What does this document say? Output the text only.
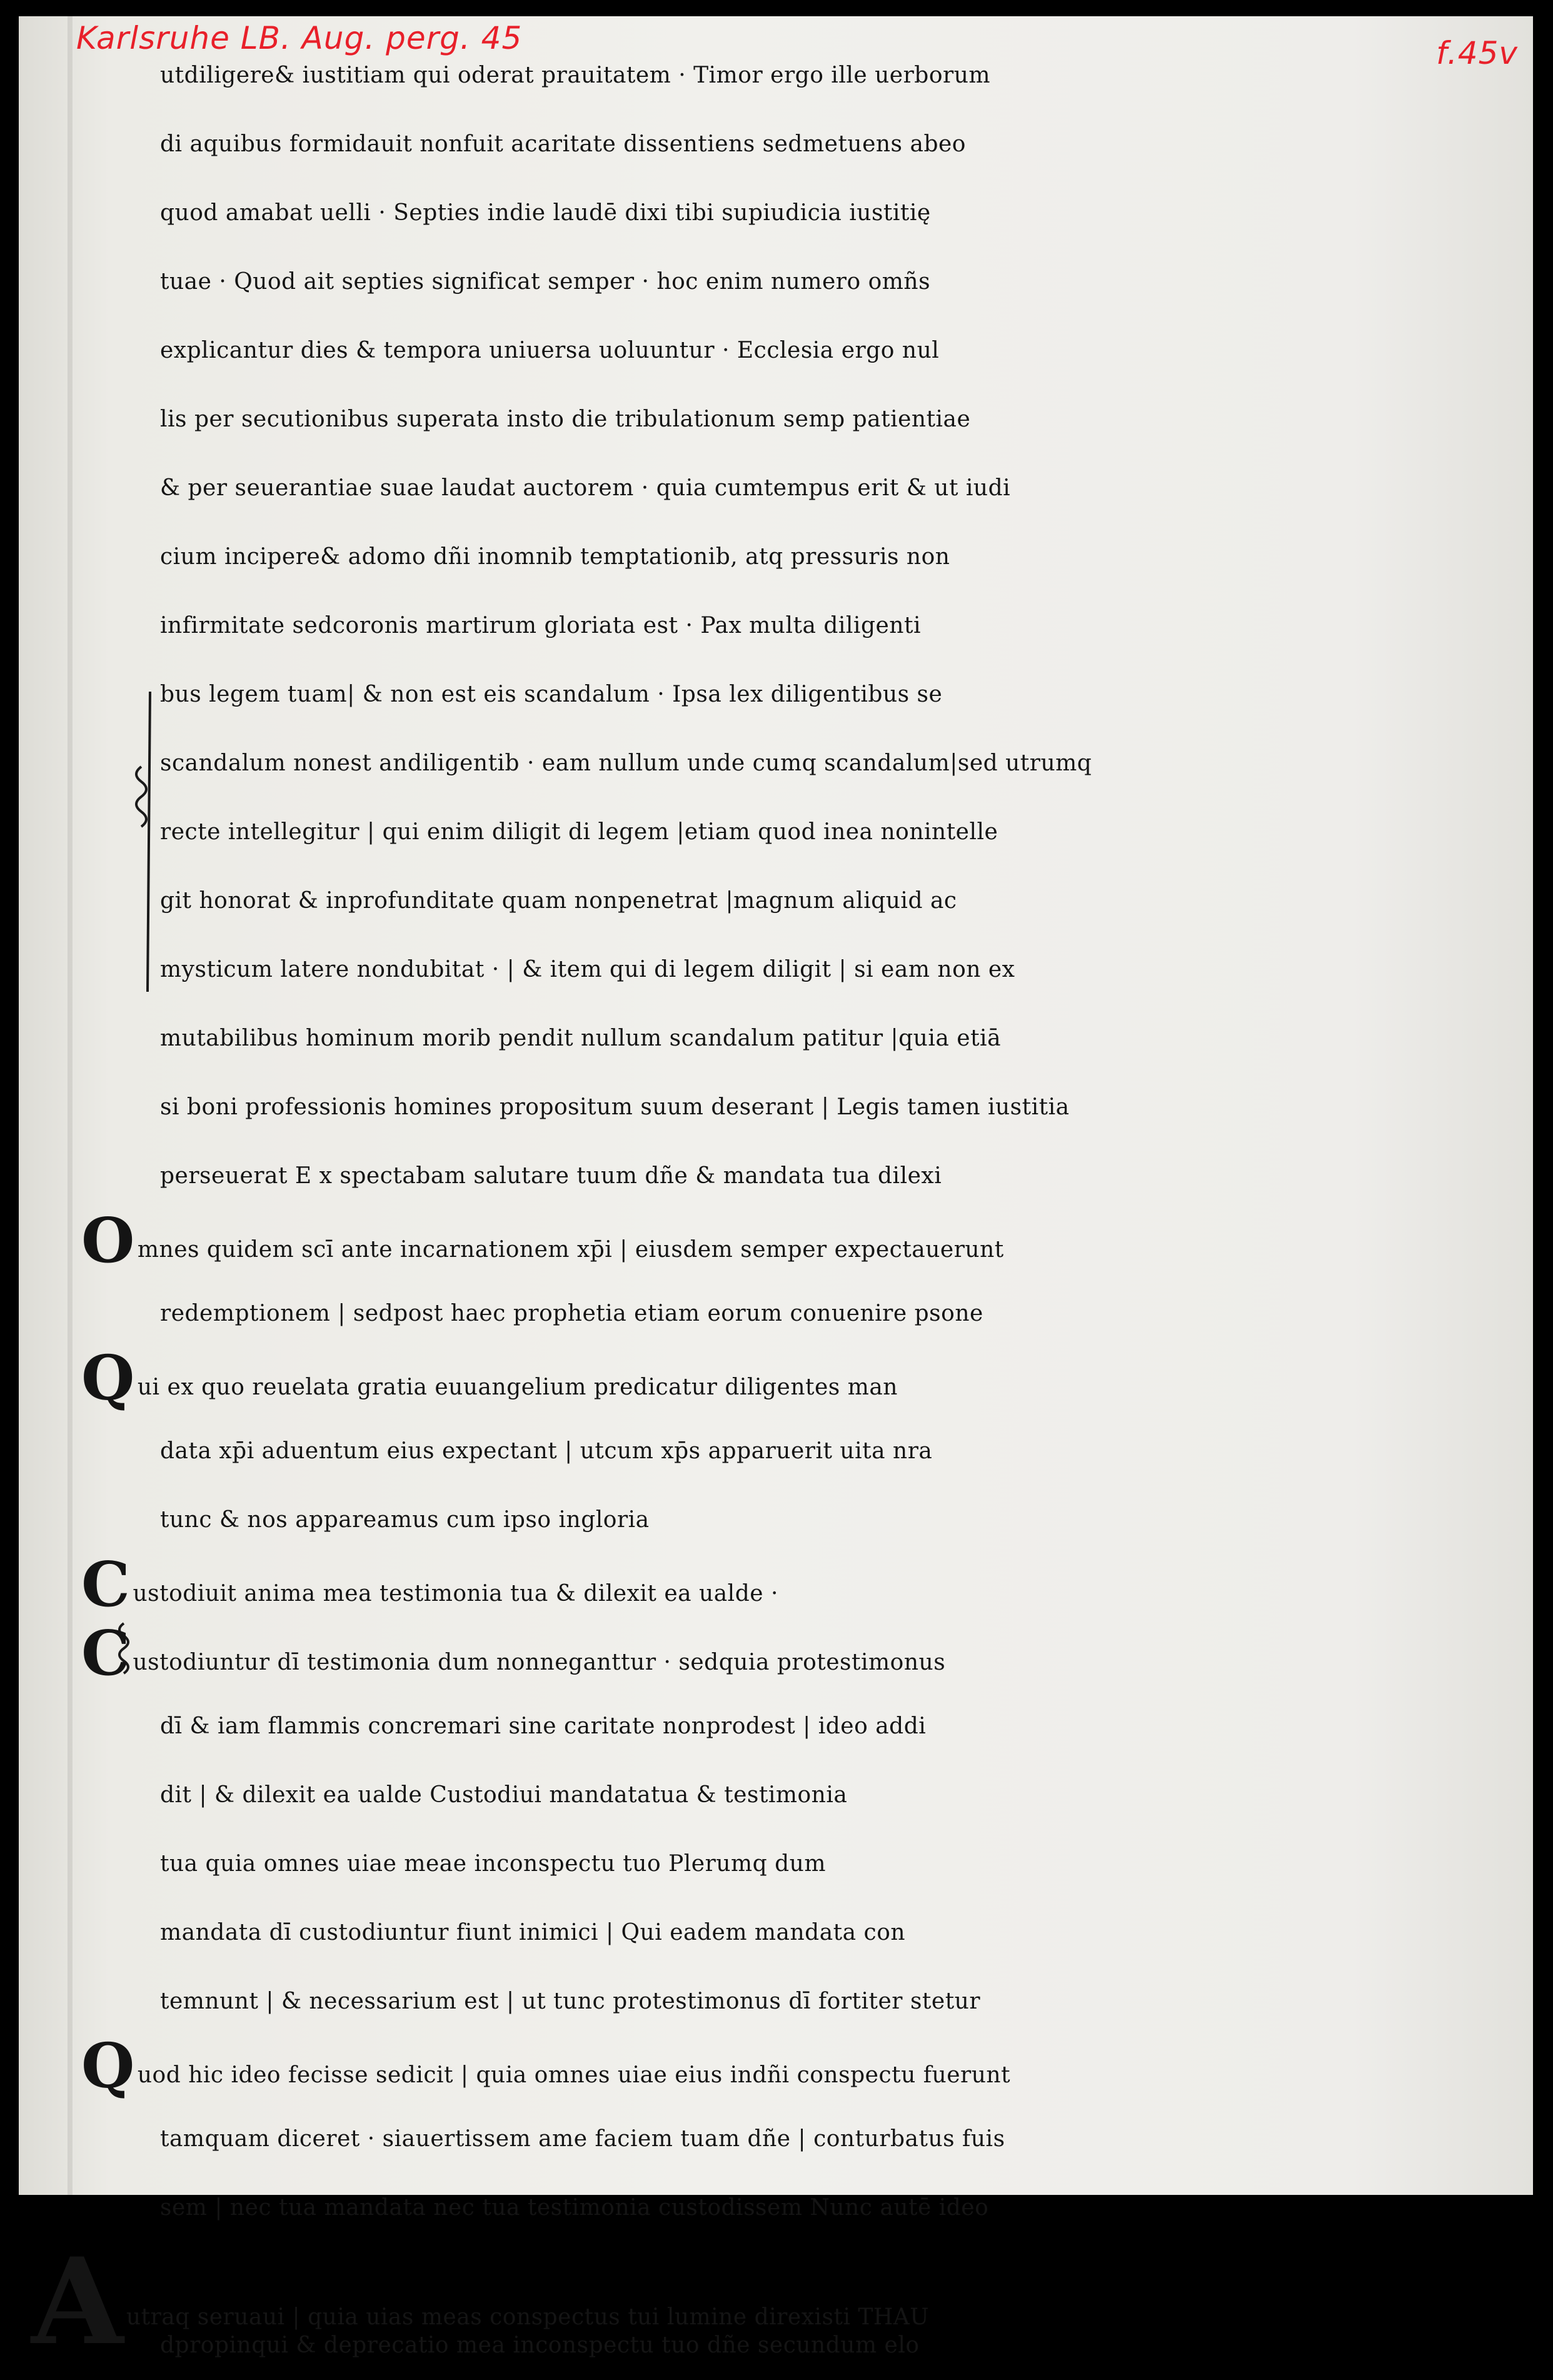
Karlsruhe LB. Aug. perg. 45	f.45v
utdiligere& iustitiam qui oderat prauitatem · Timor ergo ille uerborum
di aquibus formidauit nonfuit acaritate dissentiens sedmetuens abeo
quod amabat uelli · Septies indie laudē dixi tibi supiudicia iustitię
tuae · Quod ait septies significat semper · hoc enim numero omñs
explicantur dies & tempora uniuersa uoluuntur · Ecclesia ergo nul
lis per secutionibus superata insto die tribulationum semp patientiae
& per seuerantiae suae laudat auctorem · quia cumtempus erit & ut iudi
cium incipere& adomo dñi inomnib temptationib, atq pressuris non
infirmitate sedcoronis martirum gloriata est · Pax multa diligenti
bus legem tuam| & non est eis scandalum · Ipsa lex diligentibus se
scandalum nonest andiligentib · eam nullum unde cumq scandalum|sed utrumq
recte intellegitur | qui enim diligit di legem |etiam quod inea nonintelle
git honorat & inprofunditate quam nonpenetrat |magnum aliquid ac
mysticum latere nondubitat · | & item qui di legem diligit | si eam non ex
mutabilibus hominum morib pendit nullum scandalum patitur |quia etiā
si boni professionis homines propositum suum deserant | Legis tamen iustitia
perseuerat E x spectabam salutare tuum dñe & mandata tua dilexi
Omnes quidem scī ante incarnationem xp̄i | eiusdem semper expectauerunt
redemptionem | sedpost haec prophetia etiam eorum conuenire psone
Qui ex quo reuelata gratia euuangelium predicatur diligentes man
data xp̄i aduentum eius expectant | utcum xp̄s apparuerit uita nra
tunc & nos appareamus cum ipso ingloria
Custodiuit anima mea testimonia tua & dilexit ea ualde ·
Custodiuntur dī testimonia dum nonneganttur · sedquia protestimonus
dī & iam flammis concremari sine caritate nonprodest | ideo addi
dit | & dilexit ea ualde Custodiui mandatatua & testimonia
tua quia omnes uiae meae inconspectu tuo Plerumq dum
mandata dī custodiuntur fiunt inimici | Qui eadem mandata con
temnunt | & necessarium est | ut tunc protestimonus dī fortiter stetur
Quod hic ideo fecisse sedicit | quia omnes uiae eius indñi conspectu fuerunt
tamquam diceret · siauertissem ame faciem tuam dñe | conturbatus fuis
sem | nec tua mandata nec tua testimonia custodissem Nunc autē ideo
Autraq seruaui | quia uias meas conspectus tui lumine direxisti THAU
dpropinqui & deprecatio mea inconspectu tuo dñe secundum elo
